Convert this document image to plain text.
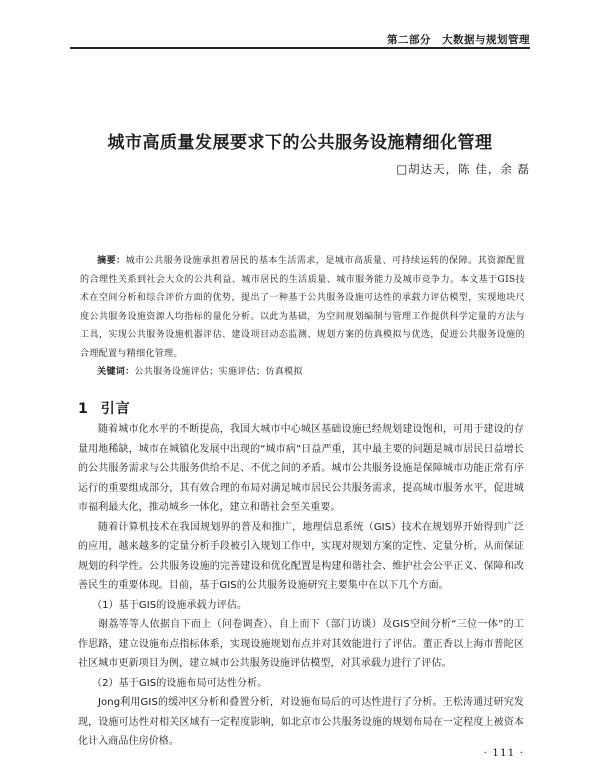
第二部分　大数据与规划管理
城市高质量发展要求下的公共服务设施精细化管理
□胡达天，陈 佳，余 磊

摘要：城市公共服务设施承担着居民的基本生活需求，是城市高质量、可持续运转的保障。其资源配置的合理性关系到社会大众的公共利益、城市居民的生活质量、城市服务能力及城市竞争力。本文基于GIS技术在空间分析和综合评价方面的优势，提出了一种基于公共服务设施可达性的承载力评估模型，实现地块尺度公共服务设施资源人均指标的量化分析。以此为基础，为空间规划编制与管理工作提供科学定量的方法与工具，实现公共服务设施机器评估、建设项目动态监测、规划方案的仿真模拟与优选，促进公共服务设施的合理配置与精细化管理。

关键词：公共服务设施评估；实施评估；仿真模拟

1 引言

随着城市化水平的不断提高，我国大城市中心城区基础设施已经规划建设饱和，可用于建设的存量用地稀缺，城市在城镇化发展中出现的“城市病”日益严重，其中最主要的问题是城市居民日益增长的公共服务需求与公共服务供给不足、不优之间的矛盾。城市公共服务设施是保障城市功能正常有序运行的重要组成部分，其有效合理的布局对满足城市居民公共服务需求，提高城市服务水平，促进城市福利最大化，推动城乡一体化，建立和谐社会至关重要。

随着计算机技术在我国规划界的普及和推广，地理信息系统（GIS）技术在规划界开始得到广泛的应用，越来越多的定量分析手段被引入规划工作中，实现对规划方案的定性、定量分析，从而保证规划的科学性。公共服务设施的完善建设和优化配置是构建和谐社会、维护社会公平正义、保障和改善民生的重要体现。目前，基于GIS的公共服务设施研究主要集中在以下几个方面。

（1）基于GIS的设施承载力评估。

谢荔等等人依据自下而上（问卷调查）、自上而下（部门访谈）及GIS空间分析“三位一体”的工作思路，建立设施布点指标体系，实现设施规划布点并对其效能进行了评估。董正香以上海市普陀区社区城市更新项目为例，建立城市公共服务设施评估模型，对其承载力进行了评估。

（2）基于GIS的设施布局可达性分析。

Jong利用GIS的缓冲区分析和叠置分析，对设施布局后的可达性进行了分析。王松涛通过研究发现，设施可达性对相关区域有一定程度影响，如北京市公共服务设施的规划布局在一定程度上被资本化计入商品住房价格。

· 111 ·
